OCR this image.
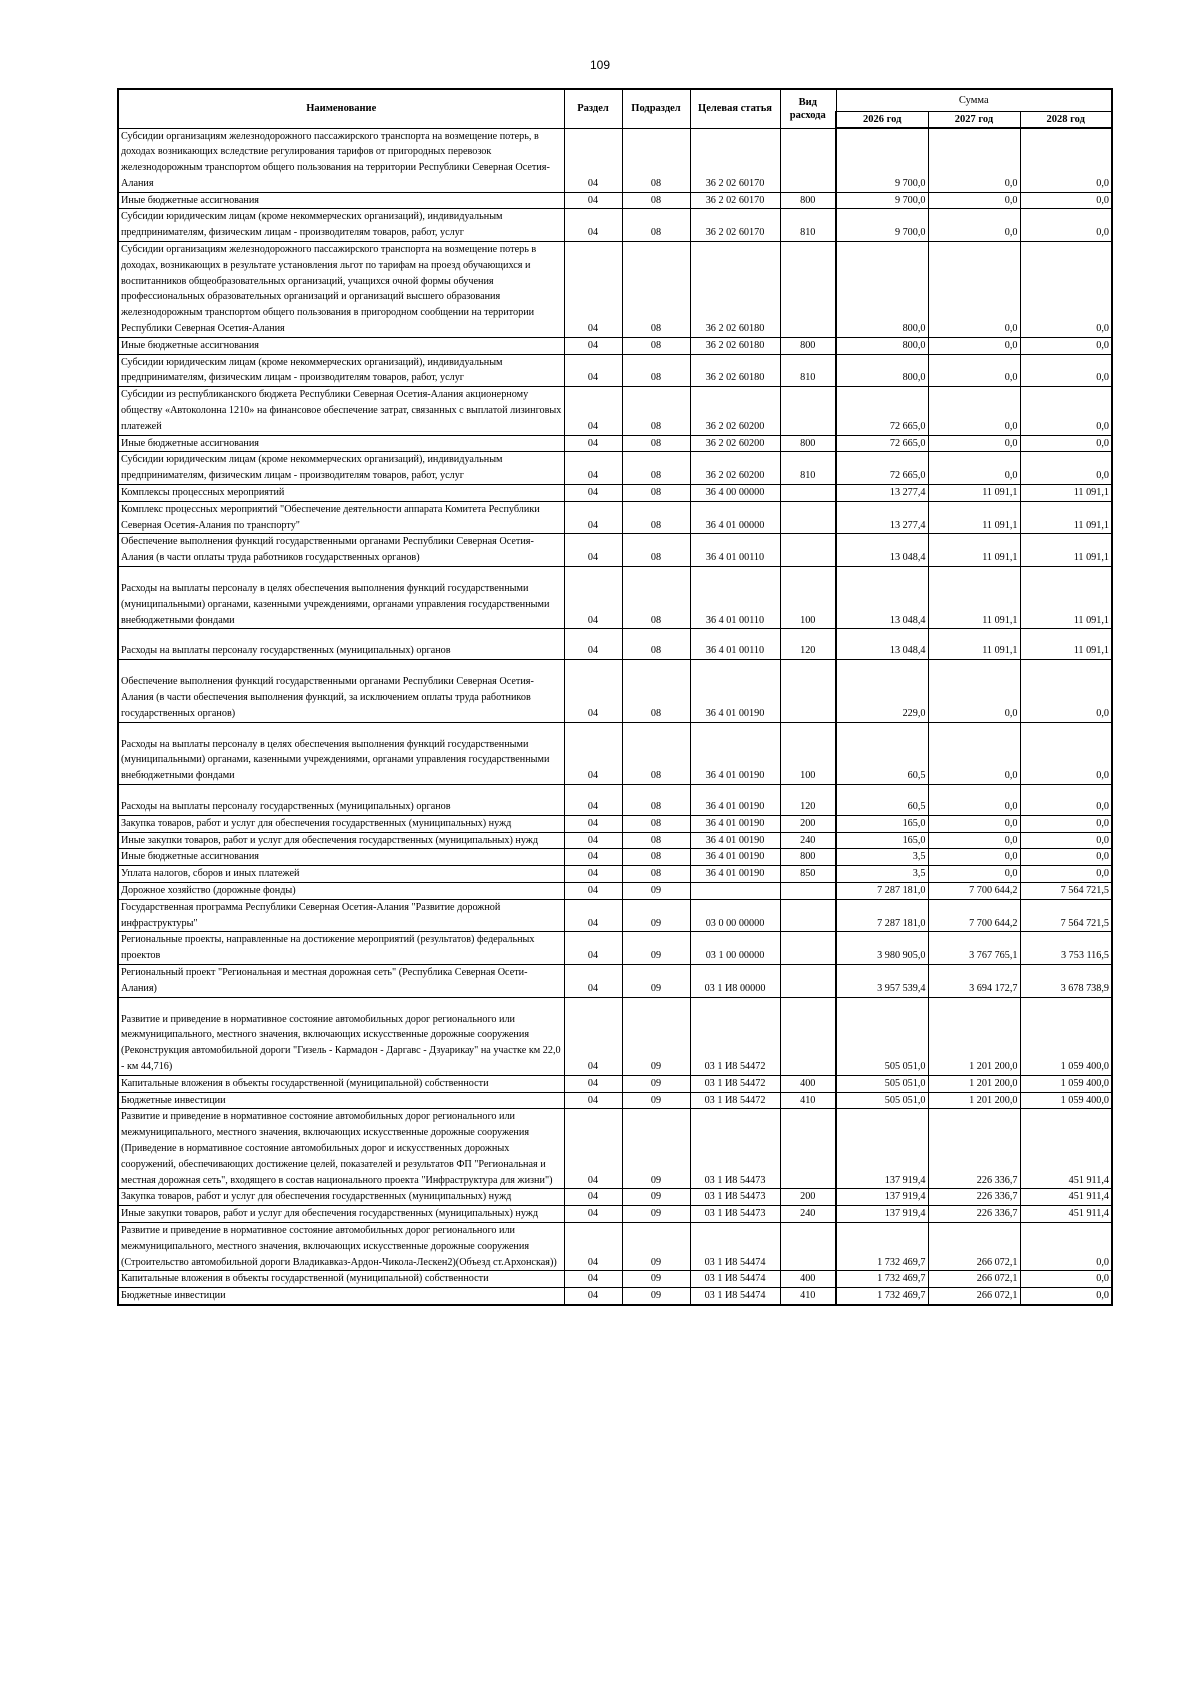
109
Наименование	Раздел	Подраздел	Целевая статья	Вид расхода	Сумма		
					2026 год	2027 год	2028 год
Субсидии организациям железнодорожного пассажирского транспорта на возмещение потерь, в доходах возникающих вследствие регулирования тарифов от пригородных перевозок железнодорожным транспортом общего пользования на территории Республики Северная Осетия-Алания	04	08	36 2 02 60170		9 700,0	0,0	0,0
Иные бюджетные ассигнования	04	08	36 2 02 60170	800	9 700,0	0,0	0,0
Субсидии юридическим лицам (кроме некоммерческих организаций), индивидуальным предпринимателям, физическим лицам - производителям товаров, работ, услуг	04	08	36 2 02 60170	810	9 700,0	0,0	0,0
Субсидии организациям железнодорожного пассажирского транспорта на возмещение потерь в доходах, возникающих в результате установления льгот по тарифам на проезд обучающихся и воспитанников общеобразовательных организаций, учащихся очной формы обучения профессиональных образовательных организаций и организаций высшего образования железнодорожным транспортом общего пользования в пригородном сообщении на территории Республики Северная Осетия-Алания	04	08	36 2 02 60180		800,0	0,0	0,0
Иные бюджетные ассигнования	04	08	36 2 02 60180	800	800,0	0,0	0,0
Субсидии юридическим лицам (кроме некоммерческих организаций), индивидуальным предпринимателям, физическим лицам - производителям товаров, работ, услуг	04	08	36 2 02 60180	810	800,0	0,0	0,0
Субсидии из республиканского бюджета Республики Северная Осетия-Алания акционерному обществу «Автоколонна 1210» на финансовое обеспечение затрат, связанных с выплатой лизинговых платежей	04	08	36 2 02 60200		72 665,0	0,0	0,0
Иные бюджетные ассигнования	04	08	36 2 02 60200	800	72 665,0	0,0	0,0
Субсидии юридическим лицам (кроме некоммерческих организаций), индивидуальным предпринимателям, физическим лицам - производителям товаров, работ, услуг	04	08	36 2 02 60200	810	72 665,0	0,0	0,0
Комплексы процессных мероприятий	04	08	36 4 00 00000		13 277,4	11 091,1	11 091,1
Комплекс процессных мероприятий "Обеспечение деятельности аппарата Комитета Республики Северная Осетия-Алания по транспорту"	04	08	36 4 01 00000		13 277,4	11 091,1	11 091,1
Обеспечение выполнения функций государственными органами Республики Северная Осетия-Алания (в части оплаты труда работников государственных органов)	04	08	36 4 01 00110		13 048,4	11 091,1	11 091,1
Расходы на выплаты персоналу в целях обеспечения выполнения функций государственными (муниципальными) органами, казенными учреждениями, органами управления государственными внебюджетными фондами	04	08	36 4 01 00110	100	13 048,4	11 091,1	11 091,1
Расходы на выплаты персоналу государственных (муниципальных) органов	04	08	36 4 01 00110	120	13 048,4	11 091,1	11 091,1
Обеспечение выполнения функций государственными органами Республики Северная Осетия-Алания (в части обеспечения выполнения функций, за исключением оплаты труда работников государственных органов)	04	08	36 4 01 00190		229,0	0,0	0,0
Расходы на выплаты персоналу в целях обеспечения выполнения функций государственными (муниципальными) органами, казенными учреждениями, органами управления государственными внебюджетными фондами	04	08	36 4 01 00190	100	60,5	0,0	0,0
Расходы на выплаты персоналу государственных (муниципальных) органов	04	08	36 4 01 00190	120	60,5	0,0	0,0
Закупка товаров, работ и услуг для обеспечения государственных (муниципальных) нужд	04	08	36 4 01 00190	200	165,0	0,0	0,0
Иные закупки товаров, работ и услуг для обеспечения государственных (муниципальных) нужд	04	08	36 4 01 00190	240	165,0	0,0	0,0
Иные бюджетные ассигнования	04	08	36 4 01 00190	800	3,5	0,0	0,0
Уплата налогов, сборов и иных платежей	04	08	36 4 01 00190	850	3,5	0,0	0,0
Дорожное хозяйство (дорожные фонды)	04	09			7 287 181,0	7 700 644,2	7 564 721,5
Государственная программа Республики Северная Осетия-Алания "Развитие дорожной инфраструктуры"	04	09	03 0 00 00000		7 287 181,0	7 700 644,2	7 564 721,5
Региональные проекты, направленные на достижение мероприятий (результатов) федеральных проектов	04	09	03 1 00 00000		3 980 905,0	3 767 765,1	3 753 116,5
Региональный проект "Региональная и местная дорожная сеть" (Республика Северная Осети-Алания)	04	09	03 1 И8 00000		3 957 539,4	3 694 172,7	3 678 738,9
Развитие и приведение в нормативное состояние автомобильных дорог регионального или межмуниципального, местного значения, включающих искусственные дорожные сооружения (Реконструкция автомобильной дороги "Гизель - Кармадон - Даргавс - Дзуарикау" на участке км 22,0 - км 44,716)	04	09	03 1 И8 54472		505 051,0	1 201 200,0	1 059 400,0
Капитальные вложения в объекты государственной (муниципальной) собственности	04	09	03 1 И8 54472	400	505 051,0	1 201 200,0	1 059 400,0
Бюджетные инвестиции	04	09	03 1 И8 54472	410	505 051,0	1 201 200,0	1 059 400,0
Развитие и приведение в нормативное состояние автомобильных дорог регионального или межмуниципального, местного значения, включающих искусственные дорожные сооружения (Приведение в нормативное состояние автомобильных дорог и искусственных дорожных сооружений, обеспечивающих достижение целей, показателей и результатов ФП "Региональная и местная дорожная сеть", входящего в состав национального проекта "Инфраструктура для жизни")	04	09	03 1 И8 54473		137 919,4	226 336,7	451 911,4
Закупка товаров, работ и услуг для обеспечения государственных (муниципальных) нужд	04	09	03 1 И8 54473	200	137 919,4	226 336,7	451 911,4
Иные закупки товаров, работ и услуг для обеспечения государственных (муниципальных) нужд	04	09	03 1 И8 54473	240	137 919,4	226 336,7	451 911,4
Развитие и приведение в нормативное состояние автомобильных дорог регионального или межмуниципального, местного значения, включающих искусственные дорожные сооружения (Строительство автомобильной дороги Владикавказ-Ардон-Чикола-Лескен2)(Объезд ст.Архонская))	04	09	03 1 И8 54474		1 732 469,7	266 072,1	0,0
Капитальные вложения в объекты государственной (муниципальной) собственности	04	09	03 1 И8 54474	400	1 732 469,7	266 072,1	0,0
Бюджетные инвестиции	04	09	03 1 И8 54474	410	1 732 469,7	266 072,1	0,0
